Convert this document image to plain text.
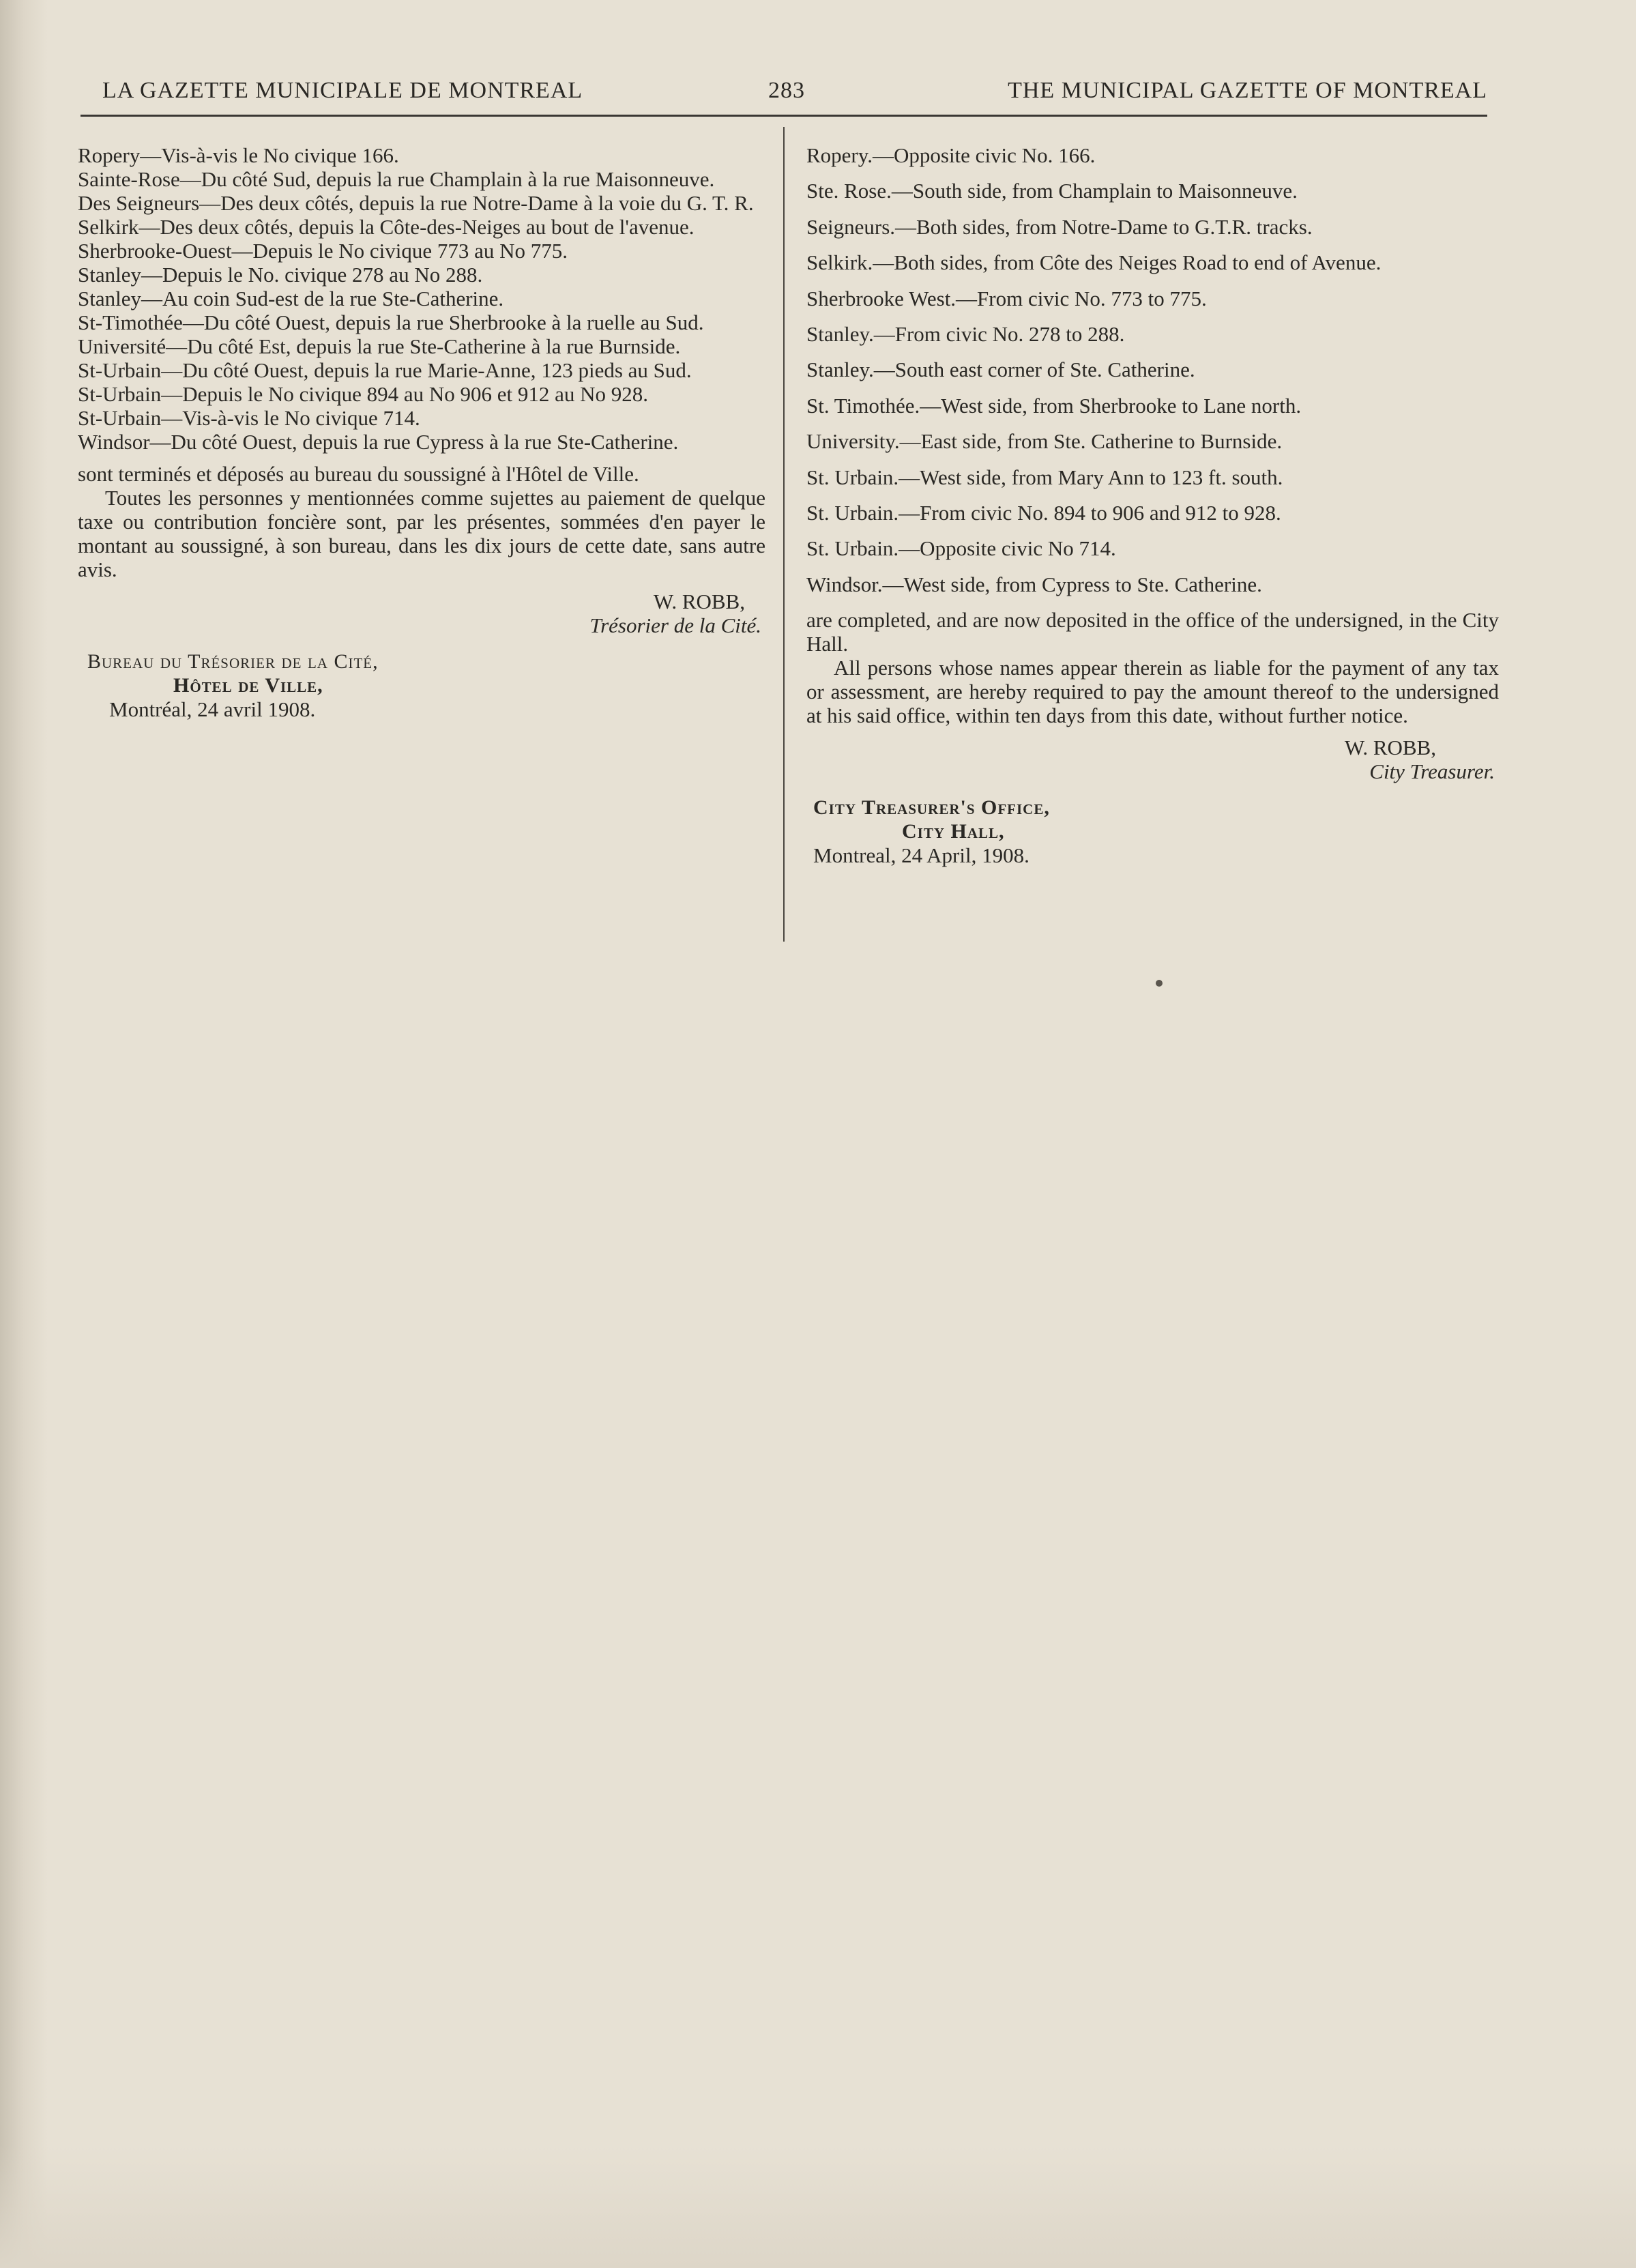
LA GAZETTE MUNICIPALE DE MONTREAL	283	THE MUNICIPAL GAZETTE OF MONTREAL

Ropery—Vis-à-vis le No civique 166.

Sainte-Rose—Du côté Sud, depuis la rue Champlain à la rue Maisonneuve.

Des Seigneurs—Des deux côtés, depuis la rue Notre-Dame à la voie du G. T. R.

Selkirk—Des deux côtés, depuis la Côte-des-Neiges au bout de l'avenue.

Sherbrooke-Ouest—Depuis le No civique 773 au No 775.

Stanley—Depuis le No. civique 278 au No 288.

Stanley—Au coin Sud-est de la rue Ste-Catherine.

St-Timothée—Du côté Ouest, depuis la rue Sherbrooke à la ruelle au Sud.

Université—Du côté Est, depuis la rue Ste-Catherine à la rue Burnside.

St-Urbain—Du côté Ouest, depuis la rue Marie-Anne, 123 pieds au Sud.

St-Urbain—Depuis le No civique 894 au No 906 et 912 au No 928.

St-Urbain—Vis-à-vis le No civique 714.

Windsor—Du côté Ouest, depuis la rue Cypress à la rue Ste-Catherine.

sont terminés et déposés au bureau du soussigné à l'Hôtel de Ville.

Toutes les personnes y mentionnées comme sujettes au paiement de quelque taxe ou contribution foncière sont, par les présentes, sommées d'en payer le montant au soussigné, à son bureau, dans les dix jours de cette date, sans autre avis.

W. ROBB,

Trésorier de la Cité.

Bureau du Trésorier de la Cité,

Hôtel de Ville,

Montréal, 24 avril 1908.

Ropery.—Opposite civic No. 166.

Ste. Rose.—South side, from Champlain to Maisonneuve.

Seigneurs.—Both sides, from Notre-Dame to G.T.R. tracks.

Selkirk.—Both sides, from Côte des Neiges Road to end of Avenue.

Sherbrooke West.—From civic No. 773 to 775.

Stanley.—From civic No. 278 to 288.

Stanley.—South east corner of Ste. Catherine.

St. Timothée.—West side, from Sherbrooke to Lane north.

University.—East side, from Ste. Catherine to Burnside.

St. Urbain.—West side, from Mary Ann to 123 ft. south.

St. Urbain.—From civic No. 894 to 906 and 912 to 928.

St. Urbain.—Opposite civic No 714.

Windsor.—West side, from Cypress to Ste. Catherine.

are completed, and are now deposited in the office of the undersigned, in the City Hall.

All persons whose names appear therein as liable for the payment of any tax or assessment, are hereby required to pay the amount thereof to the undersigned at his said office, within ten days from this date, without further notice.

W. ROBB,

City Treasurer.

City Treasurer's Office,

City Hall,

Montreal, 24 April, 1908.
